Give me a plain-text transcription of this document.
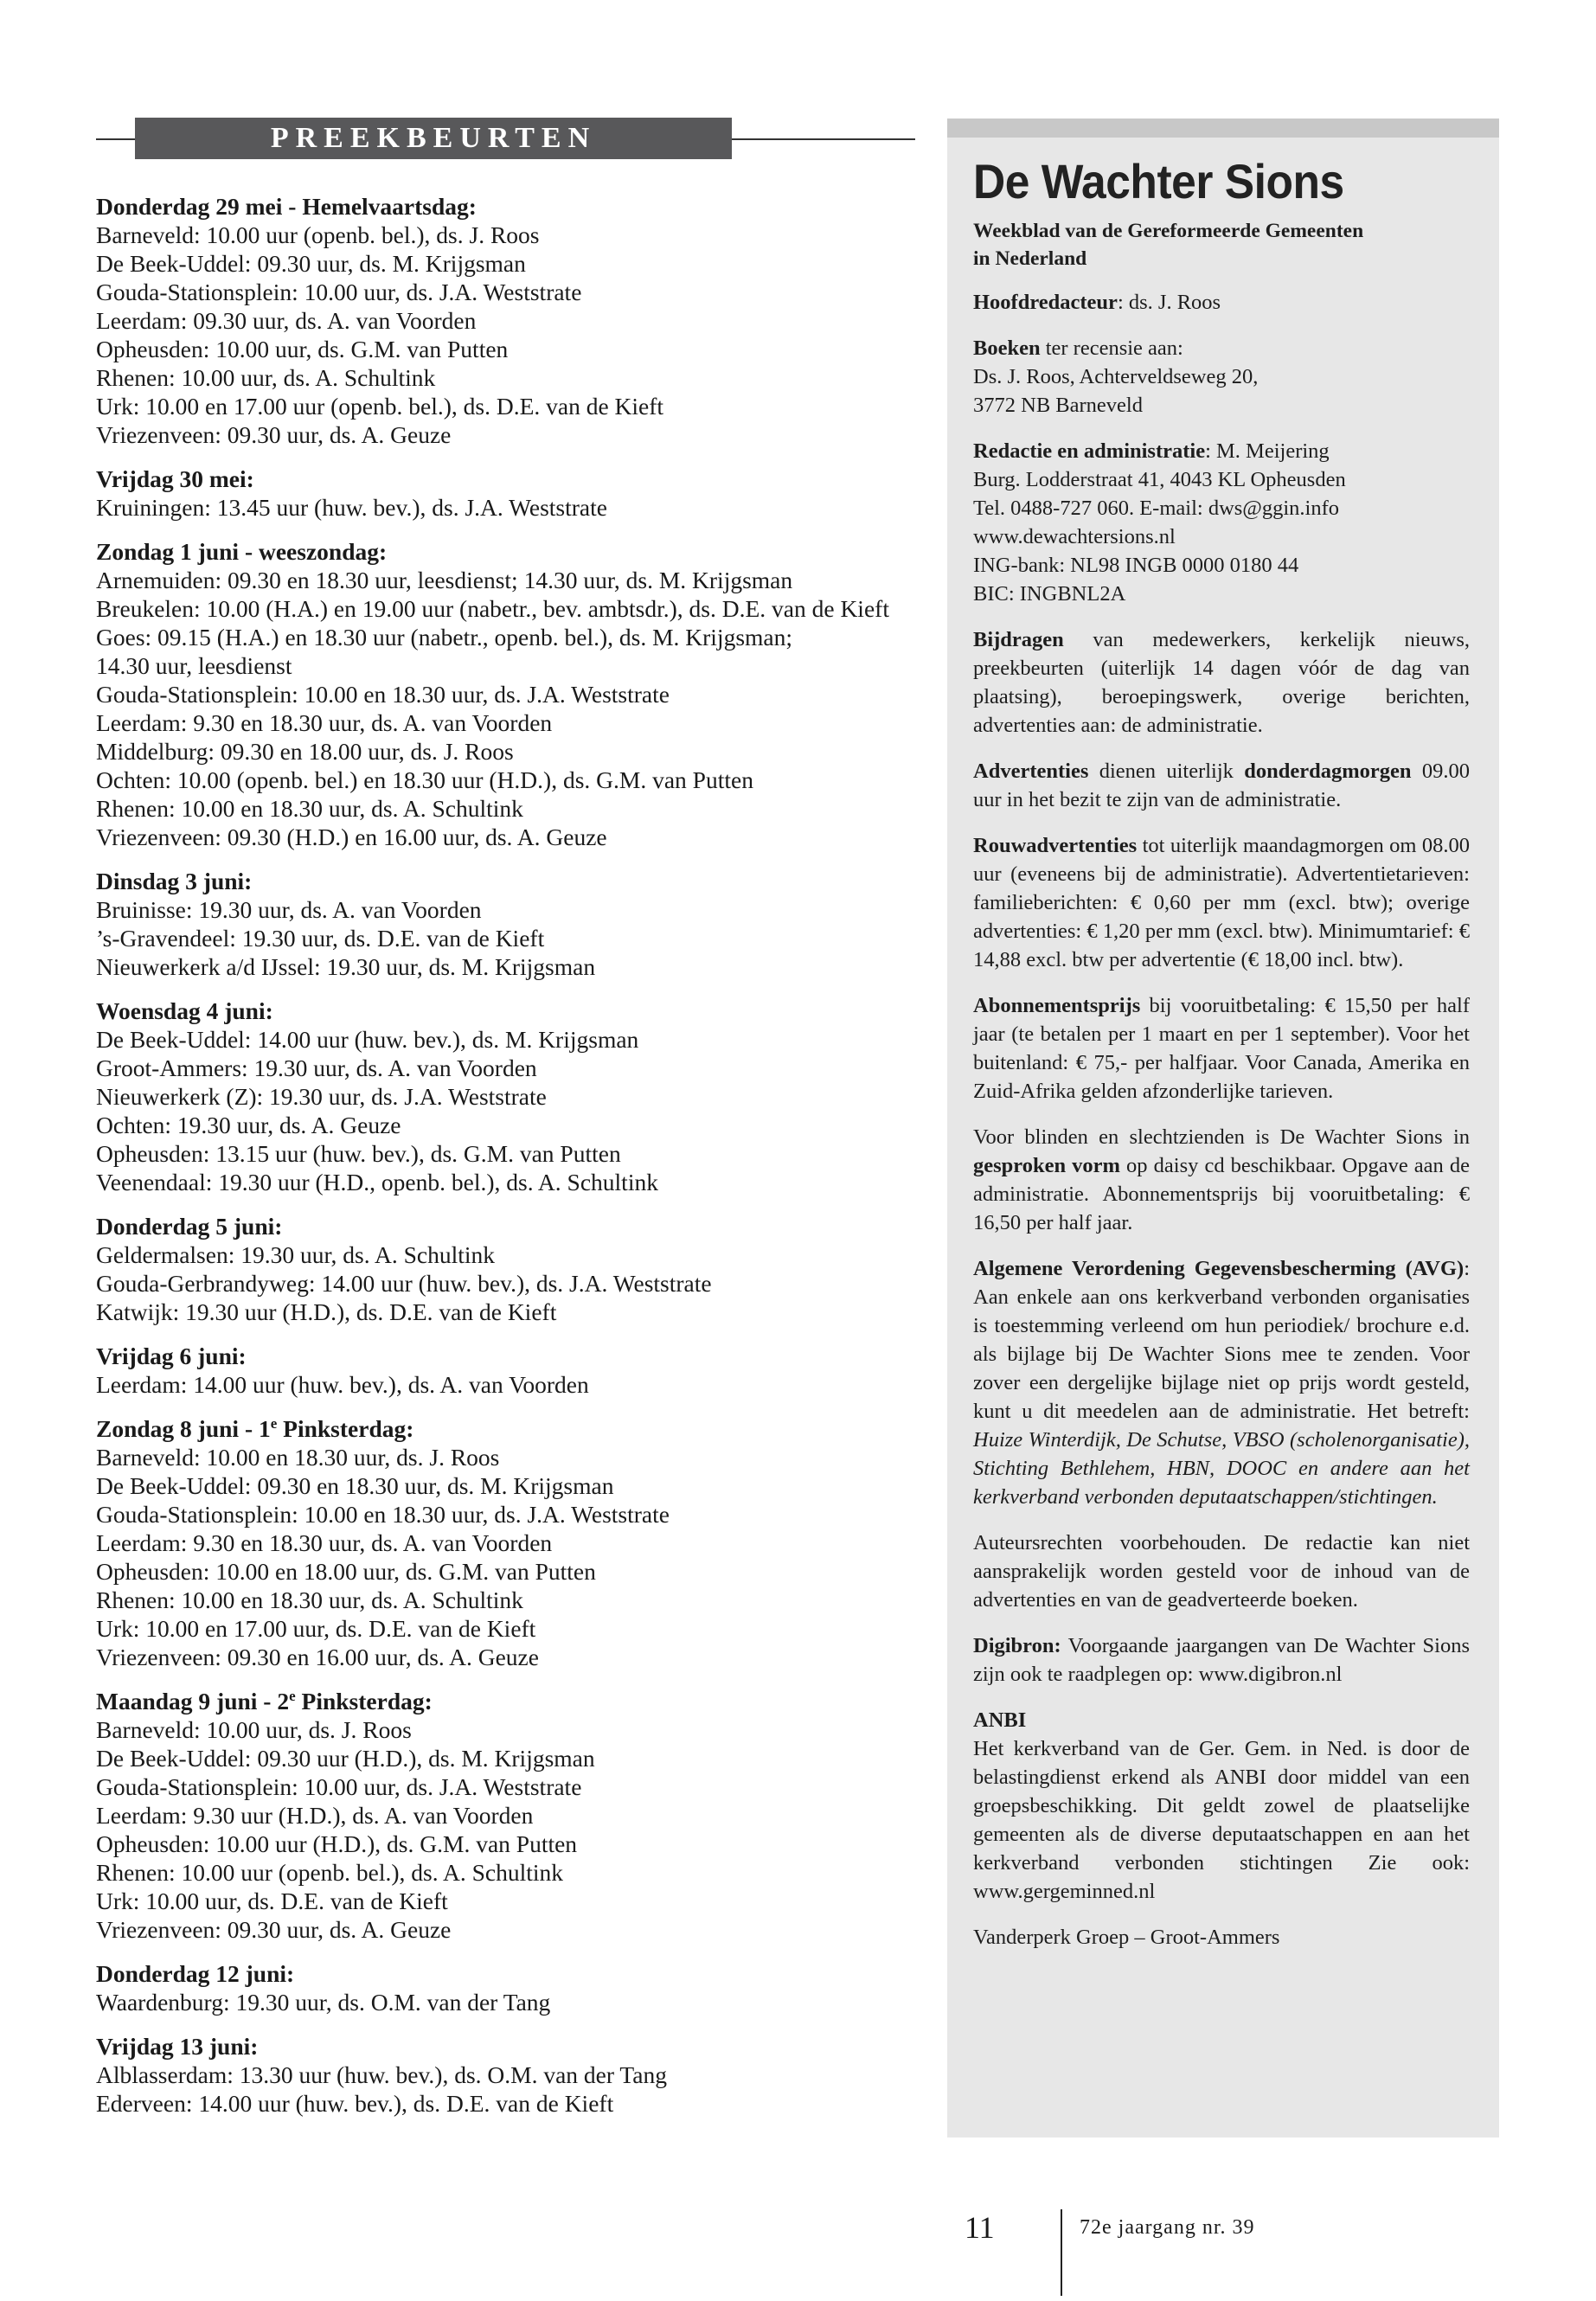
PREEKBEURTEN
Donderdag 29 mei - Hemelvaartsdag:
Barneveld: 10.00 uur (openb. bel.), ds. J. Roos
De Beek-Uddel: 09.30 uur, ds. M. Krijgsman
Gouda-Stationsplein: 10.00 uur, ds. J.A. Weststrate
Leerdam: 09.30 uur, ds. A. van Voorden
Opheusden: 10.00 uur, ds. G.M. van Putten
Rhenen: 10.00 uur, ds. A. Schultink
Urk: 10.00 en 17.00 uur (openb. bel.), ds. D.E. van de Kieft
Vriezenveen: 09.30 uur, ds. A. Geuze
Vrijdag 30 mei:
Kruiningen: 13.45 uur (huw. bev.), ds. J.A. Weststrate
Zondag 1 juni - weeszondag:
Arnemuiden: 09.30 en 18.30 uur, leesdienst; 14.30 uur, ds. M. Krijgsman
Breukelen: 10.00 (H.A.) en 19.00 uur (nabetr., bev. ambtsdr.), ds. D.E. van de Kieft
Goes: 09.15 (H.A.) en 18.30 uur (nabetr., openb. bel.), ds. M. Krijgsman;
14.30 uur, leesdienst
Gouda-Stationsplein: 10.00 en 18.30 uur, ds. J.A. Weststrate
Leerdam: 9.30 en 18.30 uur, ds. A. van Voorden
Middelburg: 09.30 en 18.00 uur, ds. J. Roos
Ochten: 10.00 (openb. bel.) en 18.30 uur (H.D.), ds. G.M. van Putten
Rhenen: 10.00 en 18.30 uur, ds. A. Schultink
Vriezenveen: 09.30 (H.D.) en 16.00 uur, ds. A. Geuze
Dinsdag 3 juni:
Bruinisse: 19.30 uur, ds. A. van Voorden
’s-Gravendeel: 19.30 uur, ds. D.E. van de Kieft
Nieuwerkerk a/d IJssel: 19.30 uur, ds. M. Krijgsman
Woensdag 4 juni:
De Beek-Uddel: 14.00 uur (huw. bev.), ds. M. Krijgsman
Groot-Ammers: 19.30 uur, ds. A. van Voorden
Nieuwerkerk (Z): 19.30 uur, ds. J.A. Weststrate
Ochten: 19.30 uur, ds. A. Geuze
Opheusden: 13.15 uur (huw. bev.), ds. G.M. van Putten
Veenendaal: 19.30 uur (H.D., openb. bel.), ds. A. Schultink
Donderdag 5 juni:
Geldermalsen: 19.30 uur, ds. A. Schultink
Gouda-Gerbrandyweg: 14.00 uur (huw. bev.), ds. J.A. Weststrate
Katwijk: 19.30 uur (H.D.), ds. D.E. van de Kieft
Vrijdag 6 juni:
Leerdam: 14.00 uur (huw. bev.), ds. A. van Voorden
Zondag 8 juni - 1e Pinksterdag:
Barneveld: 10.00 en 18.30 uur, ds. J. Roos
De Beek-Uddel: 09.30 en 18.30 uur, ds. M. Krijgsman
Gouda-Stationsplein: 10.00 en 18.30 uur, ds. J.A. Weststrate
Leerdam: 9.30 en 18.30 uur, ds. A. van Voorden
Opheusden: 10.00 en 18.00 uur, ds. G.M. van Putten
Rhenen: 10.00 en 18.30 uur, ds. A. Schultink
Urk: 10.00 en 17.00 uur, ds. D.E. van de Kieft
Vriezenveen: 09.30 en 16.00 uur, ds. A. Geuze
Maandag 9 juni - 2e Pinksterdag:
Barneveld: 10.00 uur, ds. J. Roos
De Beek-Uddel: 09.30 uur (H.D.), ds. M. Krijgsman
Gouda-Stationsplein: 10.00 uur, ds. J.A. Weststrate
Leerdam: 9.30 uur (H.D.), ds. A. van Voorden
Opheusden: 10.00 uur (H.D.), ds. G.M. van Putten
Rhenen: 10.00 uur (openb. bel.), ds. A. Schultink
Urk: 10.00 uur, ds. D.E. van de Kieft
Vriezenveen: 09.30 uur, ds. A. Geuze
Donderdag 12 juni:
Waardenburg: 19.30 uur, ds. O.M. van der Tang
Vrijdag 13 juni:
Alblasserdam: 13.30 uur (huw. bev.), ds. O.M. van der Tang
Ederveen: 14.00 uur (huw. bev.), ds. D.E. van de Kieft
De Wachter Sions
Weekblad van de Gereformeerde Gemeenten
in Nederland

Hoofdredacteur: ds. J. Roos

Boeken ter recensie aan:
Ds. J. Roos, Achterveldseweg 20,
3772 NB Barneveld

Redactie en administratie: M. Meijering
Burg. Lodderstraat 41, 4043 KL Opheusden
Tel. 0488-727 060. E-mail: dws@ggin.info
www.dewachtersions.nl
ING-bank: NL98 INGB 0000 0180 44
BIC: INGBNL2A

Bijdragen van medewerkers, kerkelijk nieuws, preekbeurten (uiterlijk 14 dagen vóór de dag van plaatsing), beroepingswerk, overige berichten, advertenties aan: de administratie.

Advertenties dienen uiterlijk donderdagmorgen 09.00 uur in het bezit te zijn van de administratie.

Rouwadvertenties tot uiterlijk maandagmorgen om 08.00 uur (eveneens bij de administratie). Advertentietarieven: familieberichten: € 0,60 per mm (excl. btw); overige advertenties: € 1,20 per mm (excl. btw). Minimumtarief: € 14,88 excl. btw per advertentie (€ 18,00 incl. btw).

Abonnementsprijs bij vooruitbetaling: € 15,50 per half jaar (te betalen per 1 maart en per 1 september). Voor het buitenland: € 75,- per halfjaar. Voor Canada, Amerika en Zuid-Afrika gelden afzonderlijke tarieven.

Voor blinden en slechtzienden is De Wachter Sions in gesproken vorm op daisy cd beschikbaar. Opgave aan de administratie. Abonnementsprijs bij vooruitbetaling: € 16,50 per half jaar.

Algemene Verordening Gegevensbescherming (AVG): Aan enkele aan ons kerkverband verbonden organisaties is toestemming verleend om hun periodiek/ brochure e.d. als bijlage bij De Wachter Sions mee te zenden. Voor zover een dergelijke bijlage niet op prijs wordt gesteld, kunt u dit meedelen aan de administratie. Het betreft: Huize Winterdijk, De Schutse, VBSO (scholenorganisatie), Stichting Bethlehem, HBN, DOOC en andere aan het kerkverband verbonden deputaatschappen/stichtingen.

Auteursrechten voorbehouden. De redactie kan niet aansprakelijk worden gesteld voor de inhoud van de advertenties en van de geadverteerde boeken.

Digibron: Voorgaande jaargangen van De Wachter Sions zijn ook te raadplegen op: www.digibron.nl

ANBI
Het kerkverband van de Ger. Gem. in Ned. is door de belastingdienst erkend als ANBI door middel van een groepsbeschikking. Dit geldt zowel de plaatselijke gemeenten als de diverse deputaatschappen en aan het kerkverband verbonden stichtingen Zie ook: www.gergeminned.nl

Vanderperk Groep – Groot-Ammers

11	72e jaargang nr. 39
